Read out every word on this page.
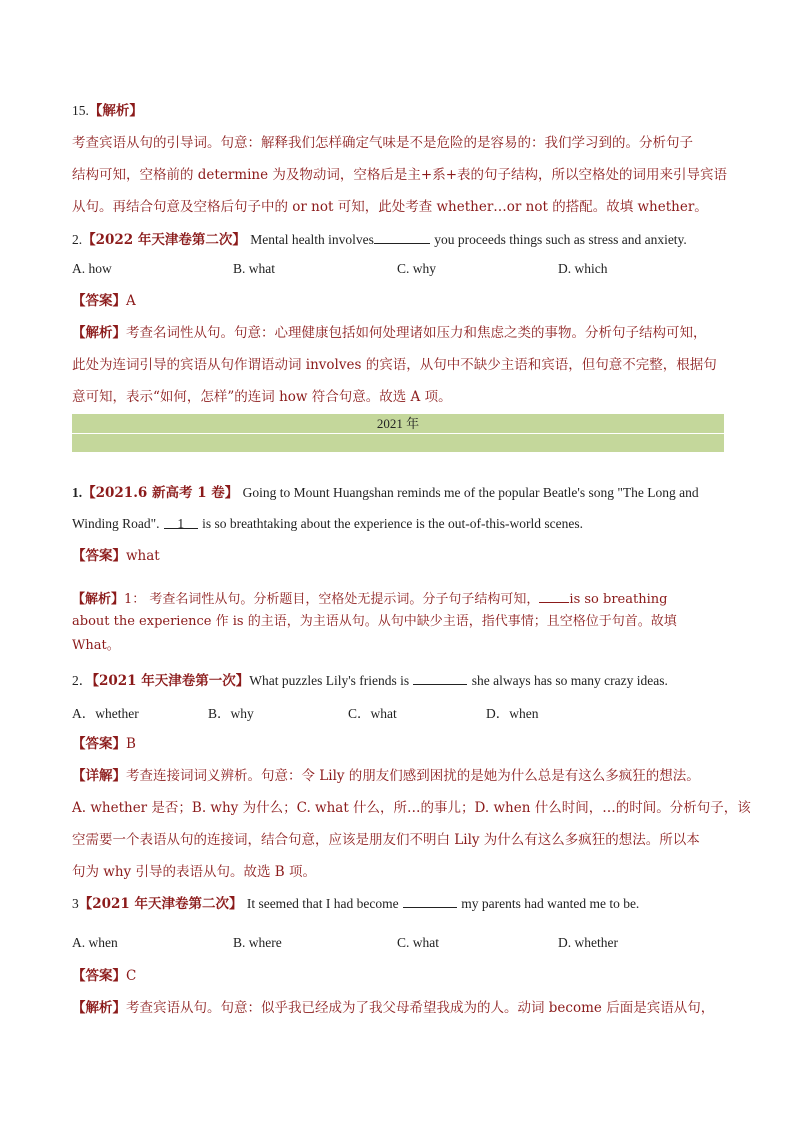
15.【解析】
考查宾语从句的引导词。句意：解释我们怎样确定气味是不是危险的是容易的：我们学习到的。分析句子
结构可知，空格前的 determine 为及物动词，空格后是主+系+表的句子结构，所以空格处的词用来引导宾语
从句。再结合句意及空格后句子中的 or not 可知，此处考查 whether…or not 的搭配。故填 whether。
2.【2022 年天津卷第二次】 Mental health involves	you proceeds things such as stress and anxiety.
A. how	B. what	C. why	D. which
【答案】A
【解析】考查名词性从句。句意：心理健康包括如何处理诸如压力和焦虑之类的事物。分析句子结构可知，
此处为连词引导的宾语从句作谓语动词 involves 的宾语，从句中不缺少主语和宾语，但句意不完整，根据句
意可知，表示“如何，怎样”的连词 how 符合句意。故选 A 项。
2021 年
1.【2021.6 新高考 1 卷】 Going to Mount Huangshan reminds me of the popular Beatle's song "The Long and
Winding Road". 1 is so breathtaking about the experience is the out-of-this-world scenes.
【答案】what
【解析】1： 考查名词性从句。分析题目，空格处无提示词。分子句子结构可知， is so breathing
about the experience 作 is 的主语，为主语从句。从句中缺少主语，指代事情；且空格位于句首。故填
What。
2．【2021 年天津卷第一次】What puzzles Lily's friends is	she always has so many crazy ideas.
A．whether	B．why	C．what	D．when
【答案】B
【详解】考查连接词词义辨析。句意：令 Lily 的朋友们感到困扰的是她为什么总是有这么多疯狂的想法。
A. whether 是否；B. why 为什么；C. what 什么，所…的事儿；D. when 什么时间，…的时间。分析句子，该
空需要一个表语从句的连接词，结合句意，应该是朋友们不明白 Lily 为什么有这么多疯狂的想法。所以本
句为 why 引导的表语从句。故选 B 项。
3【2021 年天津卷第二次】 It seemed that I had become	my parents had wanted me to be.
A. when	B. where	C. what	D. whether
【答案】C
【解析】考查宾语从句。句意：似乎我已经成为了我父母希望我成为的人。动词 become 后面是宾语从句，
